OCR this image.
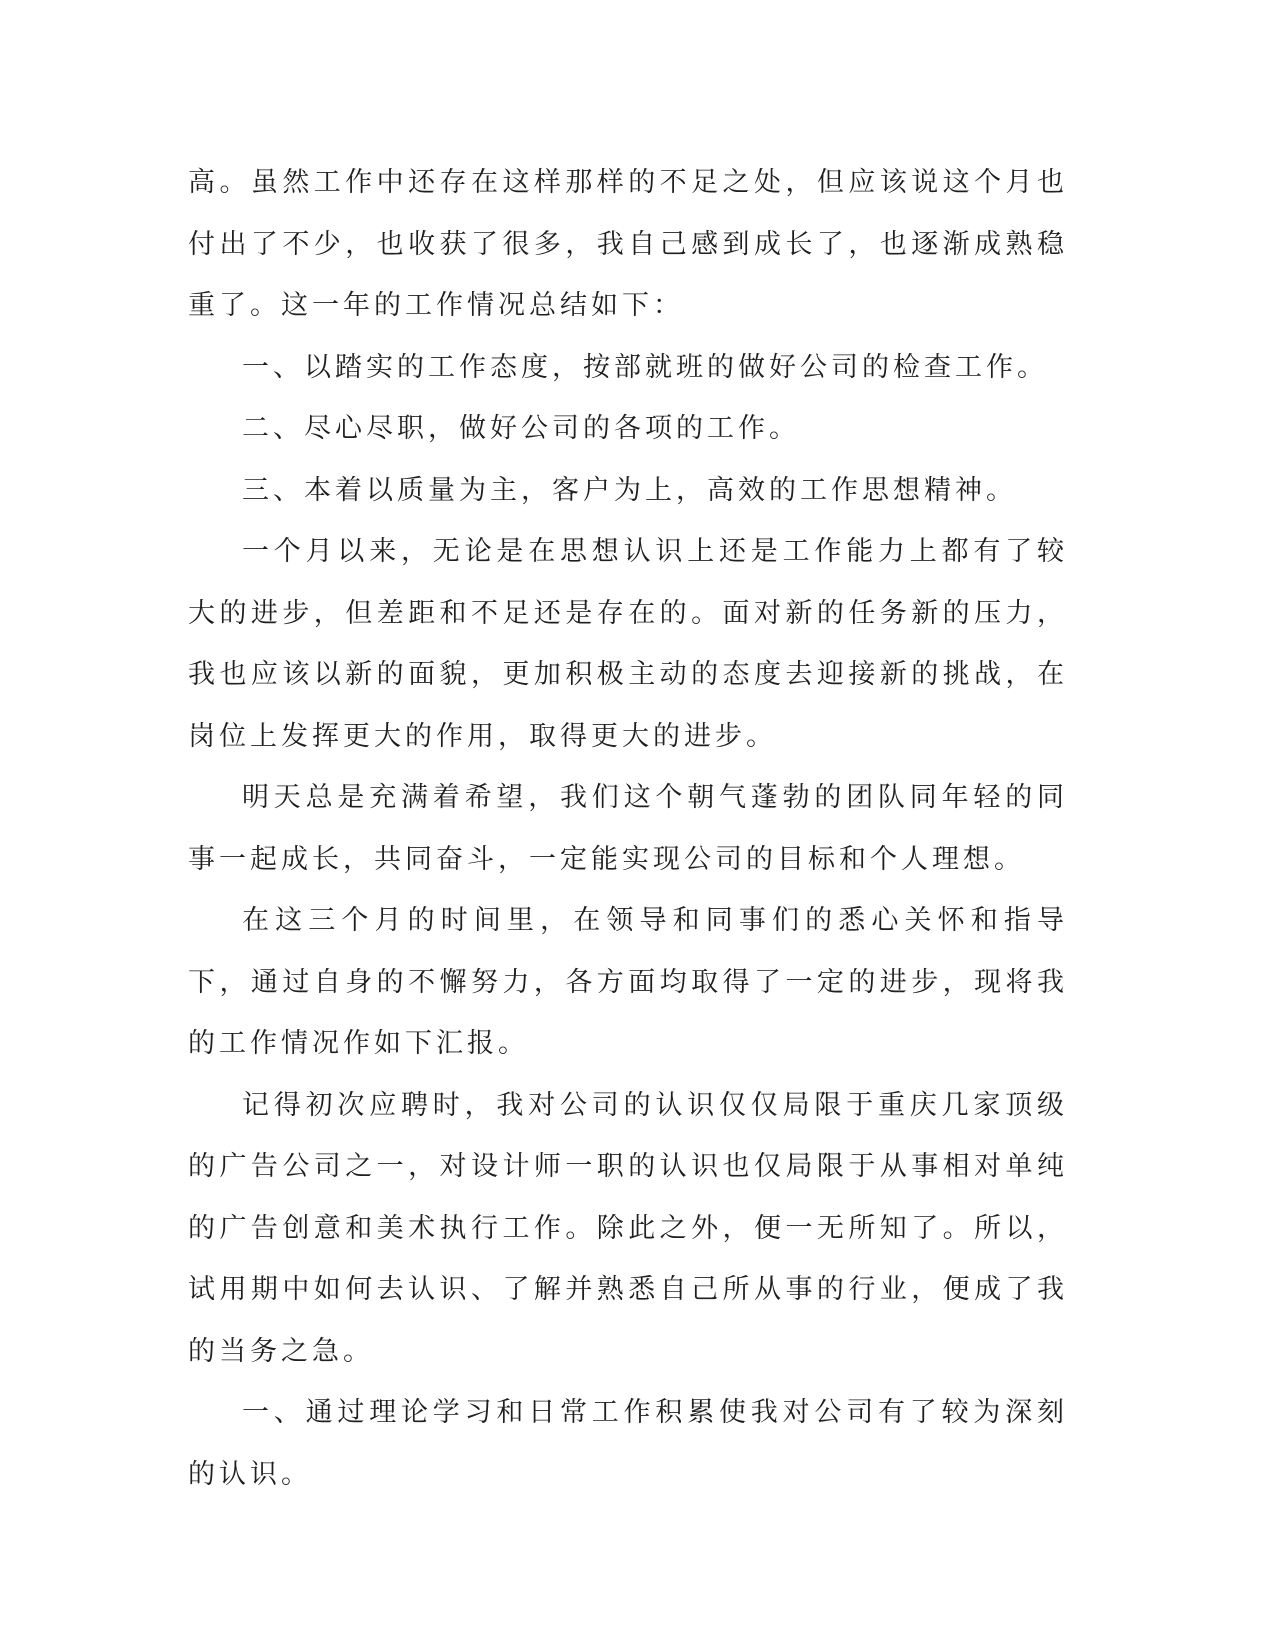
高。虽然工作中还存在这样那样的不足之处，但应该说这个月也付出了不少，也收获了很多，我自己感到成长了，也逐渐成熟稳重了。这一年的工作情况总结如下：

一、以踏实的工作态度，按部就班的做好公司的检查工作。

二、尽心尽职，做好公司的各项的工作。

三、本着以质量为主，客户为上，高效的工作思想精神。

一个月以来，无论是在思想认识上还是工作能力上都有了较大的进步，但差距和不足还是存在的。面对新的任务新的压力，我也应该以新的面貌，更加积极主动的态度去迎接新的挑战，在岗位上发挥更大的作用，取得更大的进步。

明天总是充满着希望，我们这个朝气蓬勃的团队同年轻的同事一起成长，共同奋斗，一定能实现公司的目标和个人理想。

在这三个月的时间里，在领导和同事们的悉心关怀和指导下，通过自身的不懈努力，各方面均取得了一定的进步，现将我的工作情况作如下汇报。

记得初次应聘时，我对公司的认识仅仅局限于重庆几家顶级的广告公司之一，对设计师一职的认识也仅局限于从事相对单纯的广告创意和美术执行工作。除此之外，便一无所知了。所以，试用期中如何去认识、了解并熟悉自己所从事的行业，便成了我的当务之急。

一、通过理论学习和日常工作积累使我对公司有了较为深刻的认识。
